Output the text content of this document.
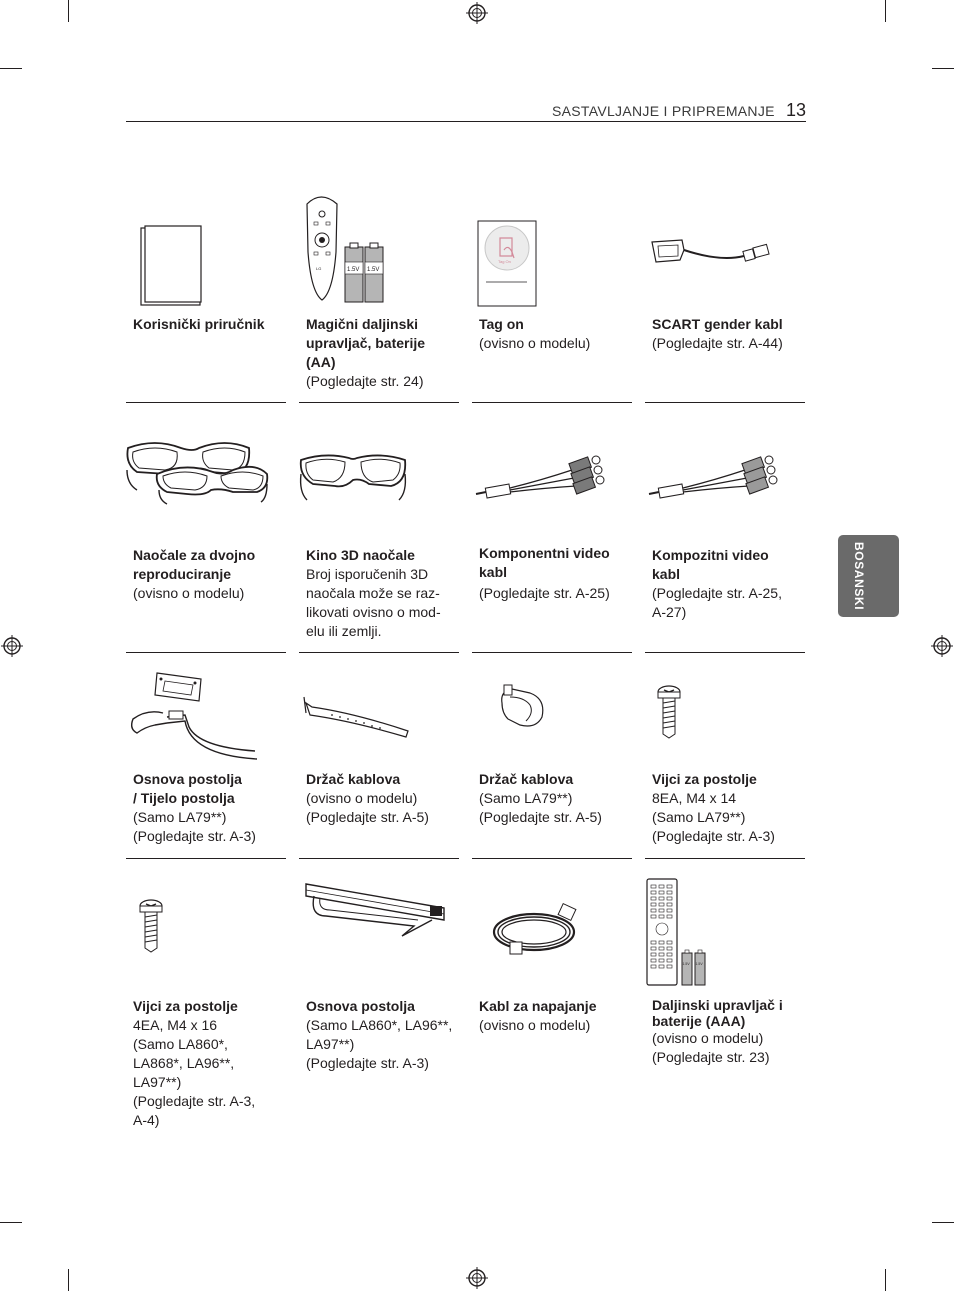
SASTAVLJANJE I PRIPREMANJE 13
BOSANSKI
LG	1.5V 1.5V
Tag On
1.5V 1.5V
Korisnički priručnik	Magični daljinski upravljač, baterije (AA)
(Pogledajte str. 24)
Tag on
(ovisno o modelu)
SCART gender kabl
(Pogledajte str. A-44)
Naočale za dvojno reproduciranje
(ovisno o modelu)
Kino 3D naočale
Broj isporučenih 3D naočala može se raz-likovati ovisno o mod-elu ili zemlji.
Komponentni video kabl
(Pogledajte str. A-25)
Kompozitni video kabl
(Pogledajte str. A-25, A-27)
Osnova postolja
/ Tijelo postolja
(Samo LA79**)
(Pogledajte str. A-3)
Držač kablova
(ovisno o modelu)
(Pogledajte str. A-5)
Držač kablova
(Samo LA79**)
(Pogledajte str. A-5)
Vijci za postolje
8EA, M4 x 14
(Samo LA79**)
(Pogledajte str. A-3)
Vijci za postolje
4EA, M4 x 16
(Samo LA860*,
LA868*, LA96**,
LA97**)
(Pogledajte str. A-3,
A-4)
Osnova postolja
(Samo LA860*, LA96**,
LA97**)
(Pogledajte str. A-3)
Kabl za napajanje
(ovisno o modelu)
Daljinski upravljač i baterije (AAA)
(ovisno o modelu)
(Pogledajte str. 23)
